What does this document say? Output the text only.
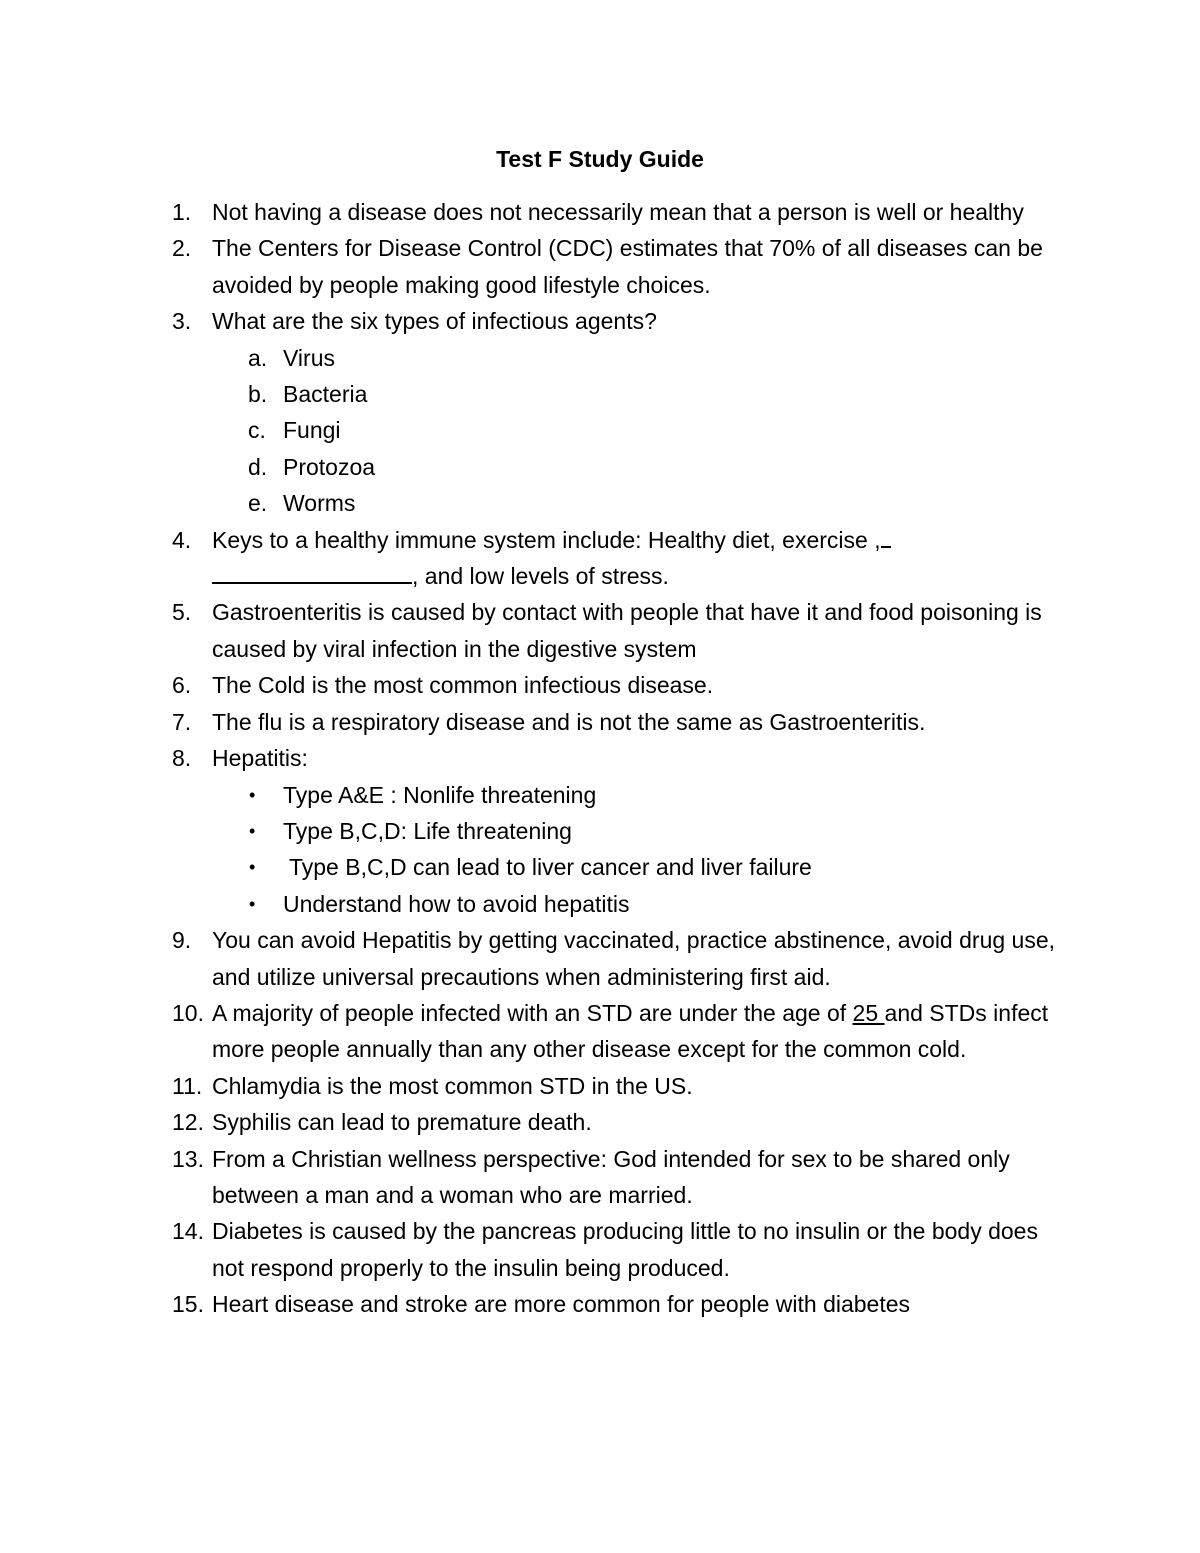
Test F Study Guide
1. Not having a disease does not necessarily mean that a person is well or healthy
2. The Centers for Disease Control (CDC) estimates that 70% of all diseases can be avoided by people making good lifestyle choices.
3. What are the six types of infectious agents?
a. Virus
b. Bacteria
c. Fungi
d. Protozoa
e. Worms
4. Keys to a healthy immune system include: Healthy diet, exercise ,
, and low levels of stress.
5. Gastroenteritis is caused by contact with people that have it and food poisoning is caused by viral infection in the digestive system
6. The Cold is the most common infectious disease.
7. The flu is a respiratory disease and is not the same as Gastroenteritis.
8. Hepatitis:
• Type A&E : Nonlife threatening
• Type B,C,D: Life threatening
• Type B,C,D can lead to liver cancer and liver failure
• Understand how to avoid hepatitis
9. You can avoid Hepatitis by getting vaccinated, practice abstinence, avoid drug use, and utilize universal precautions when administering first aid.
10. A majority of people infected with an STD are under the age of 25 and STDs infect more people annually than any other disease except for the common cold.
11. Chlamydia is the most common STD in the US.
12. Syphilis can lead to premature death.
13. From a Christian wellness perspective: God intended for sex to be shared only between a man and a woman who are married.
14. Diabetes is caused by the pancreas producing little to no insulin or the body does not respond properly to the insulin being produced.
15. Heart disease and stroke are more common for people with diabetes
